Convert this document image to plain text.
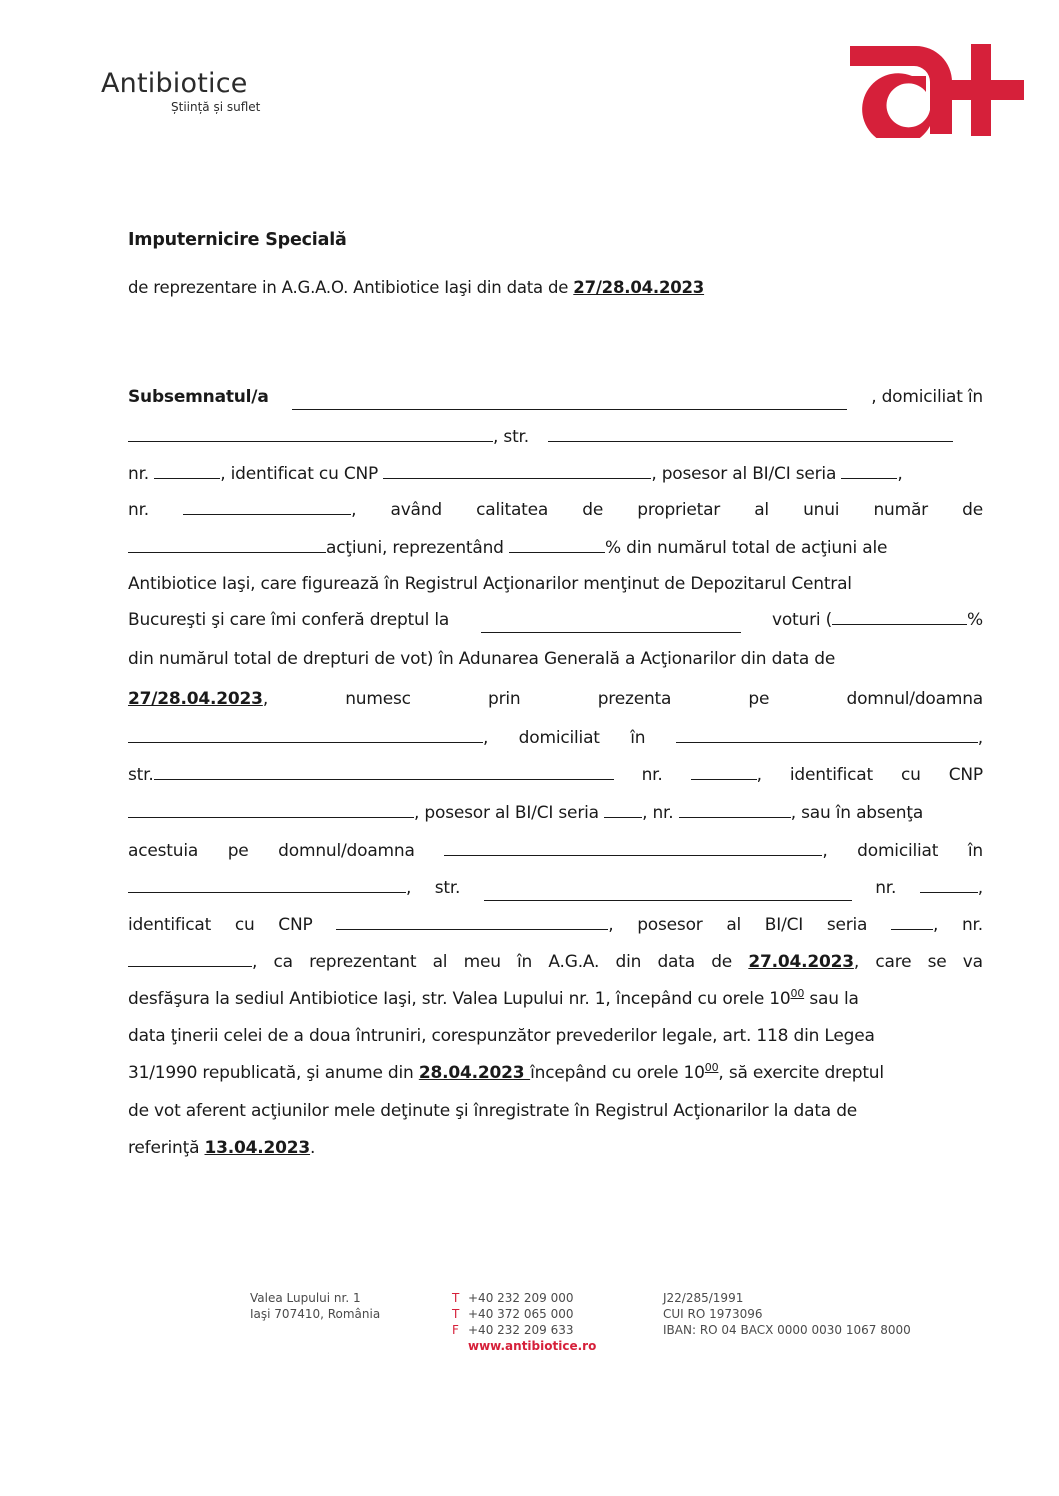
Antibiotice
Știință și suflet
Imputernicire Specială
de reprezentare in A.G.A.O. Antibiotice Iaşi din data de 27/28.04.2023
Subsemnatul/a	, domiciliat în
, str.
nr.	, identificat cu CNP	, posesor al BI/CI seria	,
nr.	, având calitatea de proprietar al unui număr de
acţiuni, reprezentând	% din numărul total de acţiuni ale
Antibiotice Iaşi, care figurează în Registrul Acţionarilor menţinut de Depozitarul Central
Bucureşti şi care îmi conferă dreptul la	voturi (	%
din numărul total de drepturi de vot) în Adunarea Generală a Acţionarilor din data de
27/28.04.2023,	numesc	prin	prezenta	pe	domnul/doamna
, domiciliat în	,
str.	nr.	, identificat cu CNP
, posesor al BI/CI seria	, nr.	, sau în absenţa
acestuia pe domnul/doamna	, domiciliat în
, str.	nr.	,
identificat cu CNP	, posesor al BI/CI seria	, nr.
, ca reprezentant al meu în A.G.A. din data de 27.04.2023, care se va
desfăşura la sediul Antibiotice Iaşi, str. Valea Lupului nr. 1, începând cu orele $10^{00}$ sau la
data ţinerii celei de a doua întruniri, corespunzător prevederilor legale, art. 118 din Legea
31/1990 republicată, şi anume din 28.04.2023 începând cu orele $10^{00}$, să exercite dreptul
de vot aferent acţiunilor mele deţinute şi înregistrate în Registrul Acţionarilor la data de
referinţă 13.04.2023.
Valea Lupului nr. 1
Iaşi 707410, România
T +40 232 209 000
T +40 372 065 000
F +40 232 209 633
www.antibiotice.ro
J22/285/1991
CUI RO 1973096
IBAN: RO 04 BACX 0000 0030 1067 8000
